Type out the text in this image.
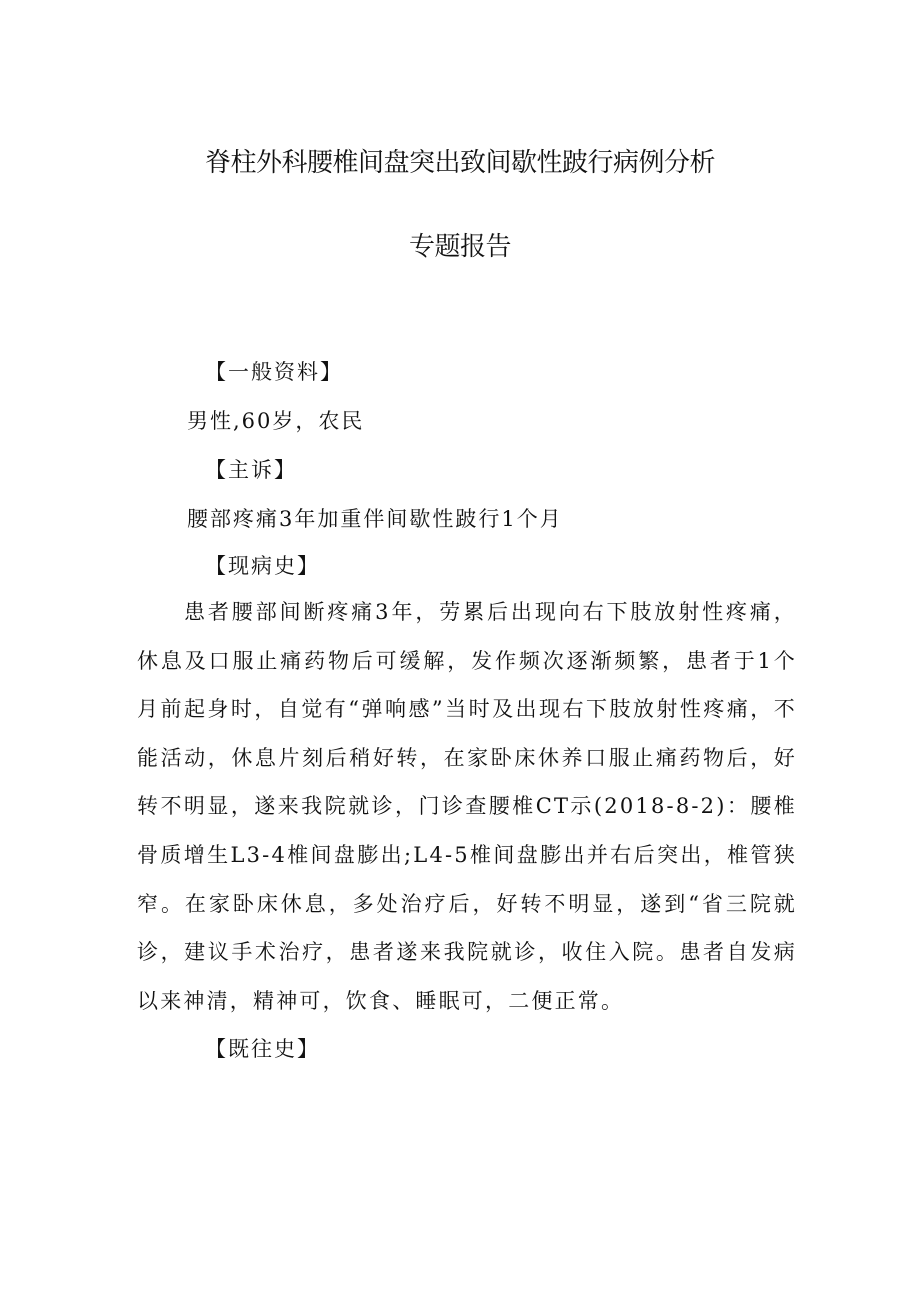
脊柱外科腰椎间盘突出致间歇性跛行病例分析
专题报告
【一般资料】
男性,60岁，农民
【主诉】
腰部疼痛3年加重伴间歇性跛行1个月
【现病史】

患者腰部间断疼痛3年，劳累后出现向右下肢放射性疼痛，休息及口服止痛药物后可缓解，发作频次逐渐频繁，患者于1个月前起身时，自觉有“弹响感”当时及出现右下肢放射性疼痛，不能活动，休息片刻后稍好转，在家卧床休养口服止痛药物后，好转不明显，遂来我院就诊，门诊查腰椎CT示(2018-8-2)：腰椎骨质增生L3-4椎间盘膨出;L4-5椎间盘膨出并右后突出，椎管狭窄。在家卧床休息，多处治疗后，好转不明显，遂到“省三院就诊，建议手术治疗，患者遂来我院就诊，收住入院。患者自发病以来神清，精神可，饮食、睡眠可，二便正常。

【既往史】
